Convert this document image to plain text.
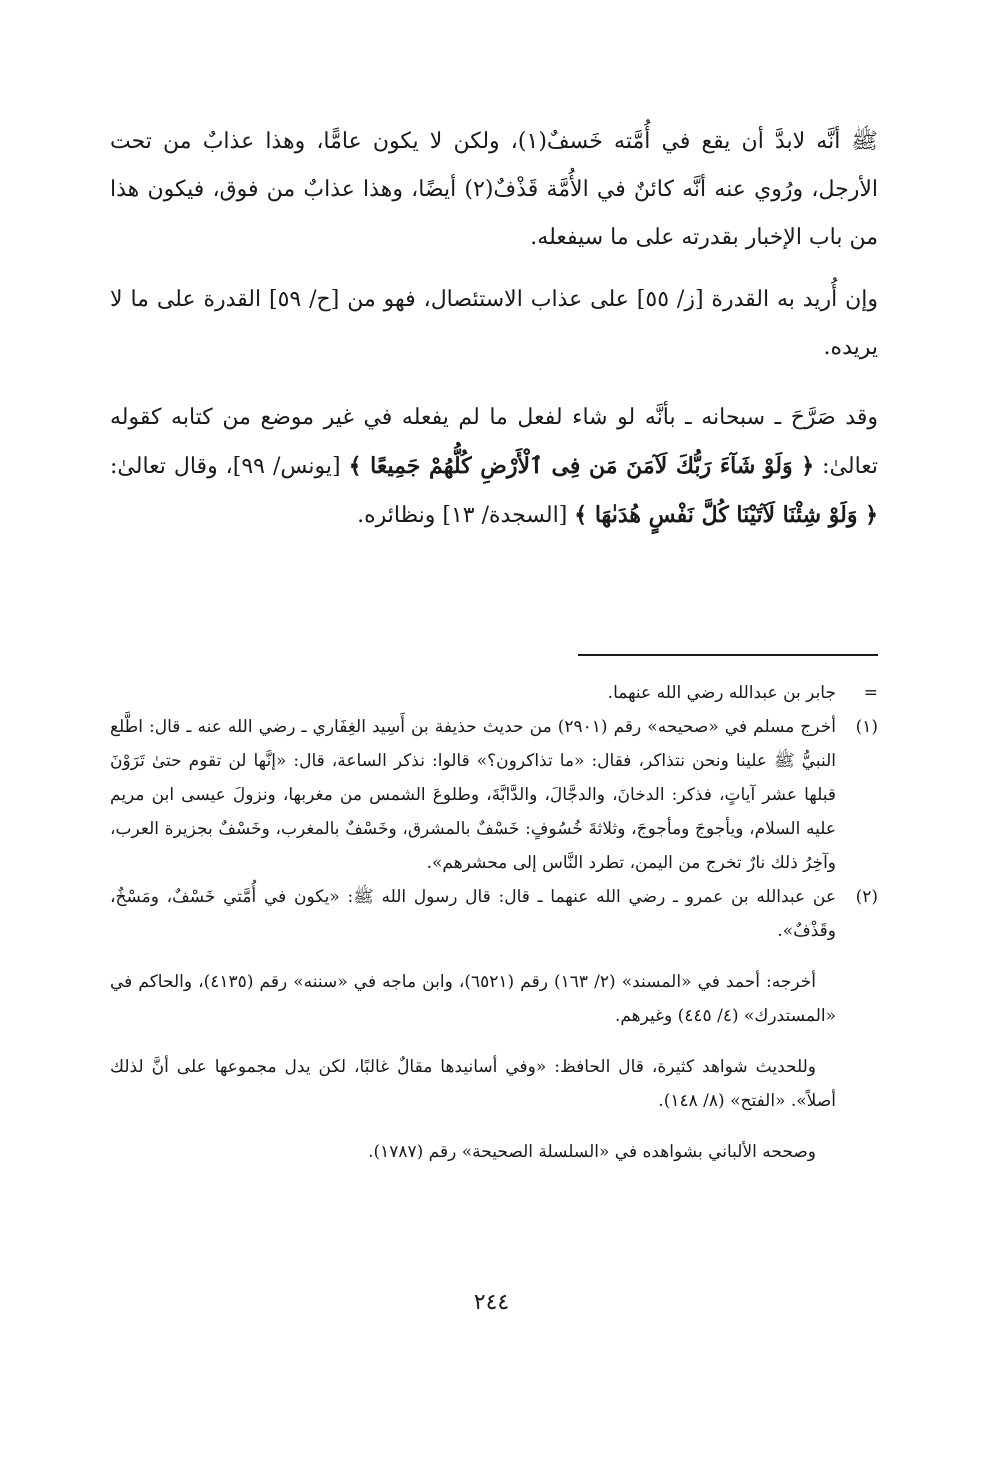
ﷺ أنَّه لابدَّ أن يقع في أُمَّته خَسفٌ(١)، ولكن لا يكون عامًّا، وهذا عذابٌ من تحت الأرجل، ورُوي عنه أنَّه كائنٌ في الأُمَّة قَذْفٌ(٢) أيضًا، وهذا عذابٌ من فوق، فيكون هذا من باب الإخبار بقدرته على ما سيفعله.

وإن أُريد به القدرة [ز/ ٥٥] على عذاب الاستئصال، فهو من [ح/ ٥٩] القدرة على ما لا يريده.

وقد صَرَّحَ ـ سبحانه ـ بأنَّه لو شاء لفعل ما لم يفعله في غير موضع من كتابه كقوله تعالىٰ: ﴿ وَلَوْ شَآءَ رَبُّكَ لَآمَنَ مَن فِى ٱلْأَرْضِ كُلُّهُمْ جَمِيعًا ﴾ [يونس/ ٩٩]، وقال تعالىٰ: ﴿ وَلَوْ شِئْنَا لَآتَيْنَا كُلَّ نَفْسٍ هُدَىٰهَا ﴾ [السجدة/ ١٣] ونظائره.

=
جابر بن عبدالله رضي الله عنهما.
(١)
أخرج مسلم في «صحيحه» رقم (٢٩٠١) من حديث حذيفة بن أَسِيد الغِفَاري ـ رضي الله عنه ـ قال: اطَّلع النبيُّ ﷺ علينا ونحن نتذاكر، فقال: «ما تذاكرون؟» قالوا: نذكر الساعة، قال: «إنَّها لن تقوم حتىٰ تَرَوْنَ قبلها عشر آياتٍ، فذكر: الدخانَ، والدجَّالَ، والدَّابَّةَ، وطلوعَ الشمس من مغربها، ونزولَ عيسى ابن مريم عليه السلام، ويأجوجَ ومأجوجَ، وثلاثةَ خُسُوفٍ: خَسْفٌ بالمشرق، وخَسْفٌ بالمغرب، وخَسْفٌ بجزيرة العرب، وآخِرُ ذلك نارٌ تخرج من اليمن، تطرد النَّاس إلى محشرهم».
(٢)
عن عبدالله بن عمرو ـ رضي الله عنهما ـ قال: قال رسول الله ﷺ: «يكون في أُمَّتي خَسْفٌ، ومَسْخٌ، وقَذْفٌ».

أخرجه: أحمد في «المسند» (٢/ ١٦٣) رقم (٦٥٢١)، وابن ماجه في «سننه» رقم (٤١٣٥)، والحاكم في «المستدرك» (٤/ ٤٤٥) وغيرهم.

وللحديث شواهد كثيرة، قال الحافظ: «وفي أسانيدها مقالٌ غالبًا، لكن يدل مجموعها على أنَّ لذلك أصلاً». «الفتح» (٨/ ١٤٨).

وصححه الألباني بشواهده في «السلسلة الصحيحة» رقم (١٧٨٧).

٢٤٤
